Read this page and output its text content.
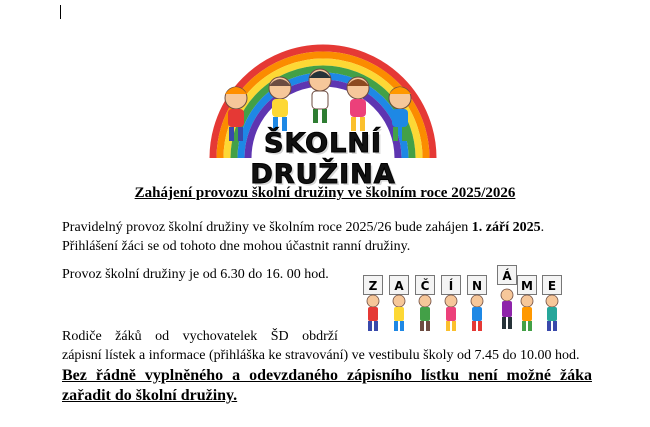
ŠKOLNÍ DRUŽINA
Zahájení provozu školní družiny ve školním roce 2025/2026
Pravidelný provoz školní družiny ve školním roce 2025/26 bude zahájen 1. září 2025.
Přihlášení žáci se od tohoto dne mohou účastnit ranní družiny.
Provoz školní družiny je od 6.30 do 16. 00 hod.
Rodiče žáků od vychovatelek ŠD obdrží
zápisní lístek a informace (přihláška ke stravování) ve vestibulu školy od 7.45 do 10.00 hod.
Bez řádně vyplněného a odevzdaného zápisního lístku není možné žáka zařadit do školní družiny.
Z	A	Č	Í	N
Á
M	E
